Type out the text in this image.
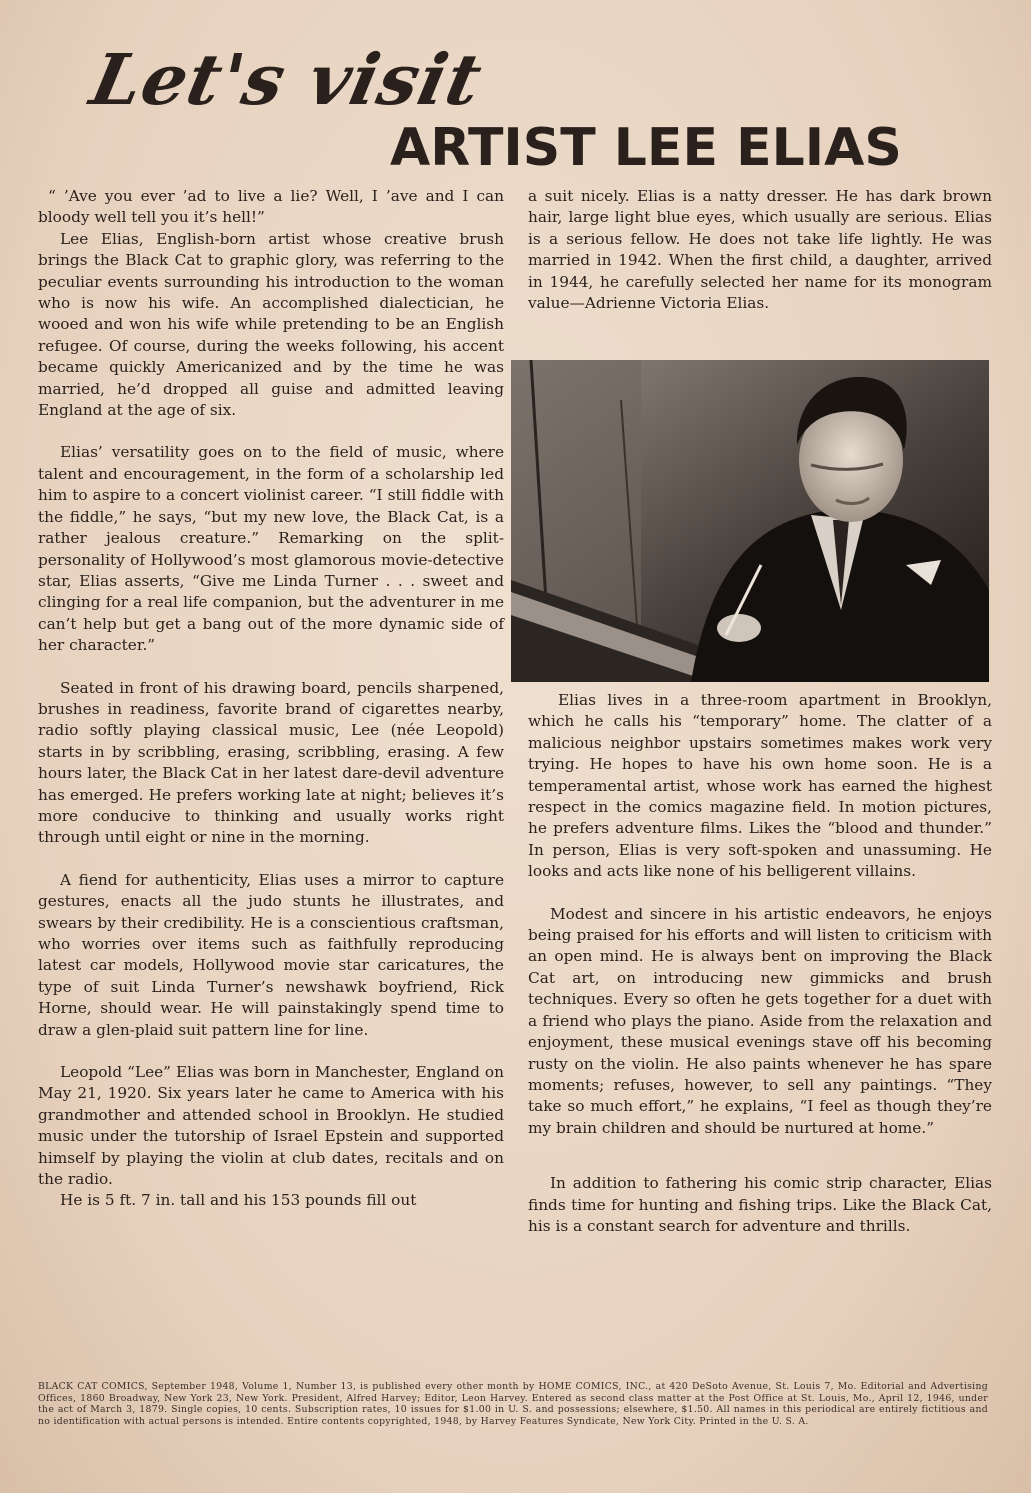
Let's visit
ARTIST LEE ELIAS

“ ’Ave you ever ’ad to live a lie? Well, I ’ave and I can bloody well tell you it’s hell!”

Lee Elias, English-born artist whose creative brush brings the Black Cat to graphic glory, was referring to the peculiar events surrounding his introduction to the woman who is now his wife. An accomplished dialectician, he wooed and won his wife while pretending to be an English refugee. Of course, during the weeks following, his accent became quickly Americanized and by the time he was married, he’d dropped all guise and admitted leaving England at the age of six.

Elias’ versatility goes on to the field of music, where talent and encouragement, in the form of a scholarship led him to aspire to a concert violinist career. “I still fiddle with the fiddle,” he says, “but my new love, the Black Cat, is a rather jealous creature.” Remarking on the split-personality of Hollywood’s most glamorous movie-detective star, Elias asserts, “Give me Linda Turner . . . sweet and clinging for a real life companion, but the adventurer in me can’t help but get a bang out of the more dynamic side of her character.”

Seated in front of his drawing board, pencils sharpened, brushes in readiness, favorite brand of cigarettes nearby, radio softly playing classical music, Lee (née Leopold) starts in by scribbling, erasing, scribbling, erasing. A few hours later, the Black Cat in her latest dare-devil adventure has emerged. He prefers working late at night; believes it’s more conducive to thinking and usually works right through until eight or nine in the morning.

A fiend for authenticity, Elias uses a mirror to capture gestures, enacts all the judo stunts he illustrates, and swears by their credibility. He is a conscientious craftsman, who worries over items such as faithfully reproducing latest car models, Hollywood movie star caricatures, the type of suit Linda Turner’s newshawk boyfriend, Rick Horne, should wear. He will painstakingly spend time to draw a glen-plaid suit pattern line for line.

Leopold “Lee” Elias was born in Manchester, England on May 21, 1920. Six years later he came to America with his grandmother and attended school in Brooklyn. He studied music under the tutorship of Israel Epstein and supported himself by playing the violin at club dates, recitals and on the radio.

He is 5 ft. 7 in. tall and his 153 pounds fill out

a suit nicely. Elias is a natty dresser. He has dark brown hair, large light blue eyes, which usually are serious. Elias is a serious fellow. He does not take life lightly. He was married in 1942. When the first child, a daughter, arrived in 1944, he carefully selected her name for its monogram value—Adrienne Victoria Elias.

Elias lives in a three-room apartment in Brooklyn, which he calls his “temporary” home. The clatter of a malicious neighbor upstairs sometimes makes work very trying. He hopes to have his own home soon. He is a temperamental artist, whose work has earned the highest respect in the comics magazine field. In motion pictures, he prefers adventure films. Likes the “blood and thunder.” In person, Elias is very soft-spoken and unassuming. He looks and acts like none of his belligerent villains.

Modest and sincere in his artistic endeavors, he enjoys being praised for his efforts and will listen to criticism with an open mind. He is always bent on improving the Black Cat art, on introducing new gimmicks and brush techniques. Every so often he gets together for a duet with a friend who plays the piano. Aside from the relaxation and enjoyment, these musical evenings stave off his becoming rusty on the violin. He also paints whenever he has spare moments; refuses, however, to sell any paintings. “They take so much effort,” he explains, “I feel as though they’re my brain children and should be nurtured at home.”

In addition to fathering his comic strip character, Elias finds time for hunting and fishing trips. Like the Black Cat, his is a constant search for adventure and thrills.

BLACK CAT COMICS, September 1948, Volume 1, Number 13, is published every other month by HOME COMICS, INC., at 420 DeSoto Avenue, St. Louis 7, Mo. Editorial and Advertising Offices, 1860 Broadway, New York 23, New York. President, Alfred Harvey; Editor, Leon Harvey. Entered as second class matter at the Post Office at St. Louis, Mo., April 12, 1946, under the act of March 3, 1879. Single copies, 10 cents. Subscription rates, 10 issues for $1.00 in U. S. and possessions; elsewhere, $1.50. All names in this periodical are entirely fictitious and no identification with actual persons is intended. Entire contents copyrighted, 1948, by Harvey Features Syndicate, New York City. Printed in the U. S. A.
